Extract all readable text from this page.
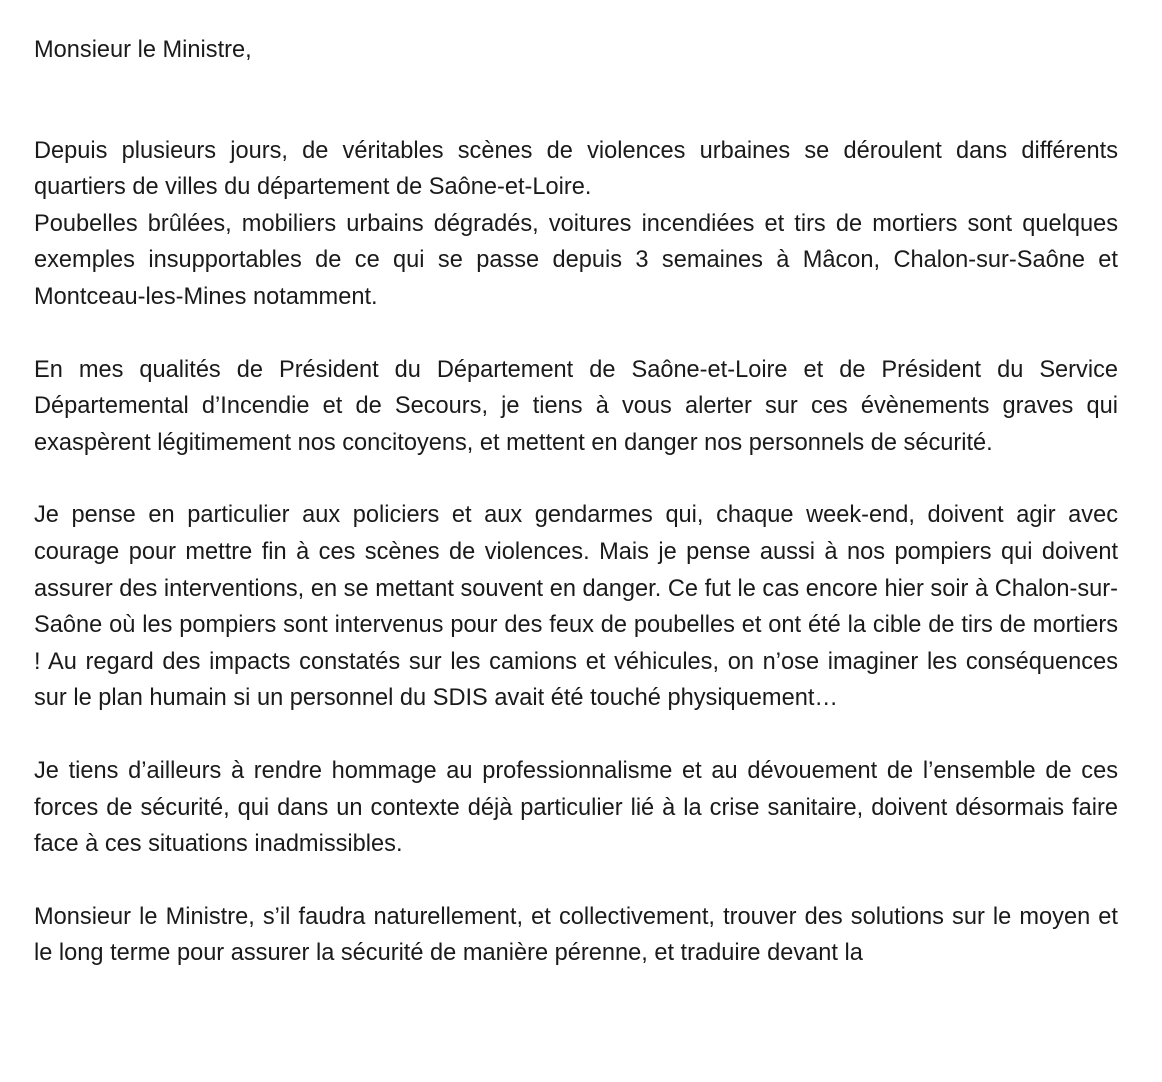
Monsieur le Ministre,

Depuis plusieurs jours, de véritables scènes de violences urbaines se déroulent dans différents quartiers de villes du département de Saône-et-Loire.

Poubelles brûlées, mobiliers urbains dégradés, voitures incendiées et tirs de mortiers sont quelques exemples insupportables de ce qui se passe depuis 3 semaines à Mâcon, Chalon-sur-Saône et Montceau-les-Mines notamment.

En mes qualités de Président du Département de Saône-et-Loire et de Président du Service Départemental d’Incendie et de Secours, je tiens à vous alerter sur ces évènements graves qui exaspèrent légitimement nos concitoyens, et mettent en danger nos personnels de sécurité.

Je pense en particulier aux policiers et aux gendarmes qui, chaque week-end, doivent agir avec courage pour mettre fin à ces scènes de violences. Mais je pense aussi à nos pompiers qui doivent assurer des interventions, en se mettant souvent en danger. Ce fut le cas encore hier soir à Chalon-sur-Saône où les pompiers sont intervenus pour des feux de poubelles et ont été la cible de tirs de mortiers ! Au regard des impacts constatés sur les camions et véhicules, on n’ose imaginer les conséquences sur le plan humain si un personnel du SDIS avait été touché physiquement…

Je tiens d’ailleurs à rendre hommage au professionnalisme et au dévouement de l’ensemble de ces forces de sécurité, qui dans un contexte déjà particulier lié à la crise sanitaire, doivent désormais faire face à ces situations inadmissibles.

Monsieur le Ministre, s’il faudra naturellement, et collectivement, trouver des solutions sur le moyen et le long terme pour assurer la sécurité de manière pérenne, et traduire devant la
